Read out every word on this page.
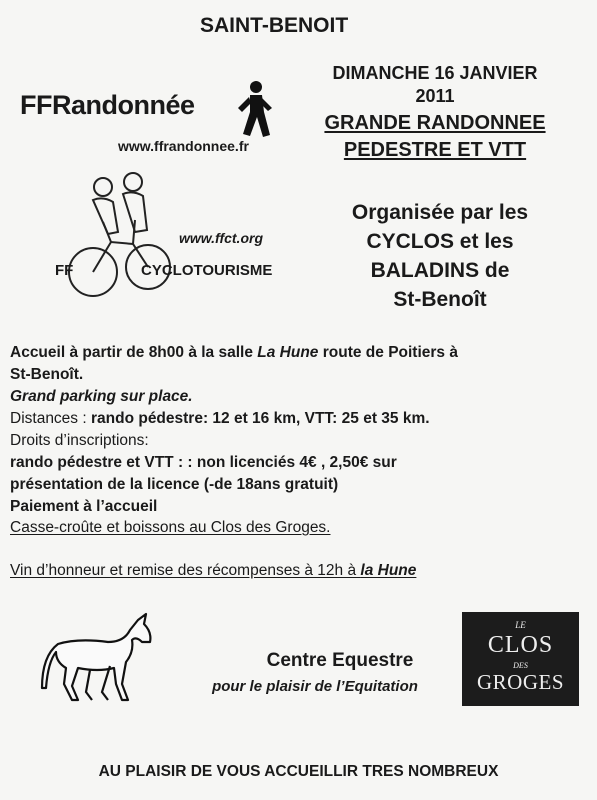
SAINT-BENOIT
FFRandonnée
www.ffrandonnee.fr
www.ffct.org
FF	CYCLOTOURISME
DIMANCHE 16 JANVIER
2011
GRANDE RANDONNEE
PEDESTRE ET VTT
Organisée par les
CYCLOS et les
BALADINS de
St-Benoît
Accueil à partir de 8h00 à la salle La Hune route de Poitiers à
St-Benoît.
Grand parking sur place.
Distances : rando pédestre: 12 et 16 km, VTT: 25 et 35 km.
Droits d’inscriptions:
rando pédestre et VTT : : non licenciés 4€ , 2,50€ sur
présentation de la licence (-de 18ans gratuit)
Paiement à l’accueil
Casse-croûte et boissons au Clos des Groges.
Vin d’honneur et remise des récompenses à 12h à la Hune
Centre Equestre
pour le plaisir de l’Equitation
LE
CLOS
DES
GROGES
AU PLAISIR DE VOUS ACCUEILLIR TRES NOMBREUX
